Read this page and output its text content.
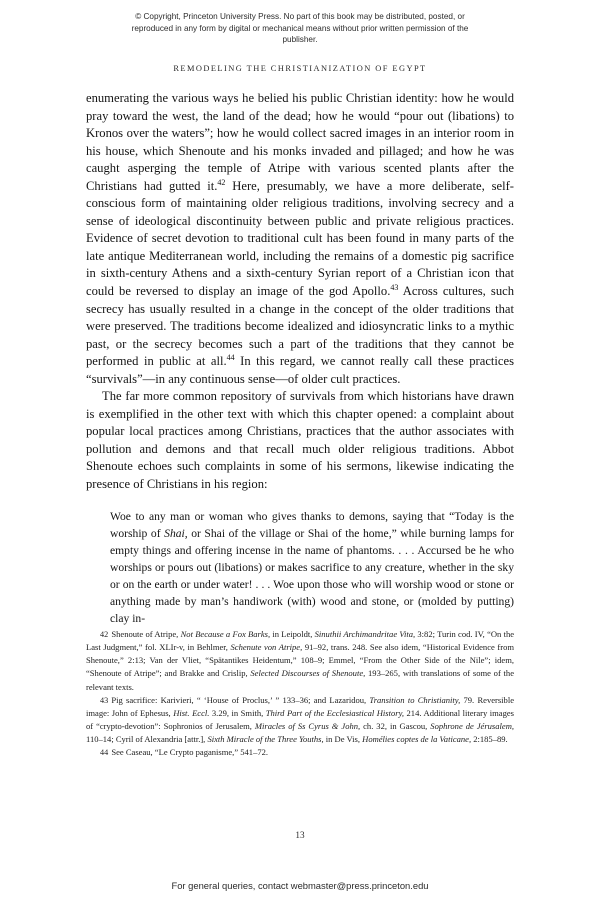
© Copyright, Princeton University Press. No part of this book may be distributed, posted, or reproduced in any form by digital or mechanical means without prior written permission of the publisher.
REMODELING THE CHRISTIANIZATION OF EGYPT

enumerating the various ways he belied his public Christian identity: how he would pray toward the west, the land of the dead; how he would “pour out (libations) to Kronos over the waters”; how he would collect sacred images in an interior room in his house, which Shenoute and his monks invaded and pillaged; and how he was caught asperging the temple of Atripe with various scented plants after the Christians had gutted it.$^{42}$ Here, presumably, we have a more deliberate, self-conscious form of maintaining older religious traditions, involving secrecy and a sense of ideological discontinuity between public and private religious practices. Evidence of secret devotion to traditional cult has been found in many parts of the late antique Mediterranean world, including the remains of a domestic pig sacrifice in sixth-century Athens and a sixth-century Syrian report of a Christian icon that could be reversed to display an image of the god Apollo.$^{43}$ Across cultures, such secrecy has usually resulted in a change in the concept of the older traditions that were preserved. The traditions become idealized and idiosyncratic links to a mythic past, or the secrecy becomes such a part of the traditions that they cannot be performed in public at all.$^{44}$ In this regard, we cannot really call these practices “survivals”—in any continuous sense—of older cult practices.

The far more common repository of survivals from which historians have drawn is exemplified in the other text with which this chapter opened: a complaint about popular local practices among Christians, practices that the author associates with pollution and demons and that recall much older religious traditions. Abbot Shenoute echoes such complaints in some of his sermons, likewise indicating the presence of Christians in his region:

Woe to any man or woman who gives thanks to demons, saying that “Today is the worship of Shai, or Shai of the village or Shai of the home,” while burning lamps for empty things and offering incense in the name of phantoms. . . . Accursed be he who worships or pours out (libations) or makes sacrifice to any creature, whether in the sky or on the earth or under water! . . . Woe upon those who will worship wood or stone or anything made by man’s handiwork (with) wood and stone, or (molded by putting) clay in-

42 Shenoute of Atripe, Not Because a Fox Barks, in Leipoldt, Sinuthii Archimandritae Vita, 3:82; Turin cod. IV, “On the Last Judgment,” fol. XLIr-v, in Behlmer, Schenute von Atripe, 91–92, trans. 248. See also idem, “Historical Evidence from Shenoute,” 2:13; Van der Vliet, “Spätantikes Heidentum,” 108–9; Emmel, “From the Other Side of the Nile”; idem, “Shenoute of Atripe”; and Brakke and Crislip, Selected Discourses of Shenoute, 193–265, with translations of some of the relevant texts.

43 Pig sacrifice: Karivieri, “ ‘House of Proclus,’ ” 133–36; and Lazaridou, Transition to Christianity, 79. Reversible image: John of Ephesus, Hist. Eccl. 3.29, in Smith, Third Part of the Ecclesiastical History, 214. Additional literary images of “crypto-devotion”: Sophronios of Jerusalem, Miracles of Ss Cyrus & John, ch. 32, in Gascou, Sophrone de Jérusalem, 110–14; Cyril of Alexandria [attr.], Sixth Miracle of the Three Youths, in De Vis, Homélies coptes de la Vaticane, 2:185–89.

44 See Caseau, “Le Crypto paganisme,” 541–72.

13
For general queries, contact webmaster@press.princeton.edu
